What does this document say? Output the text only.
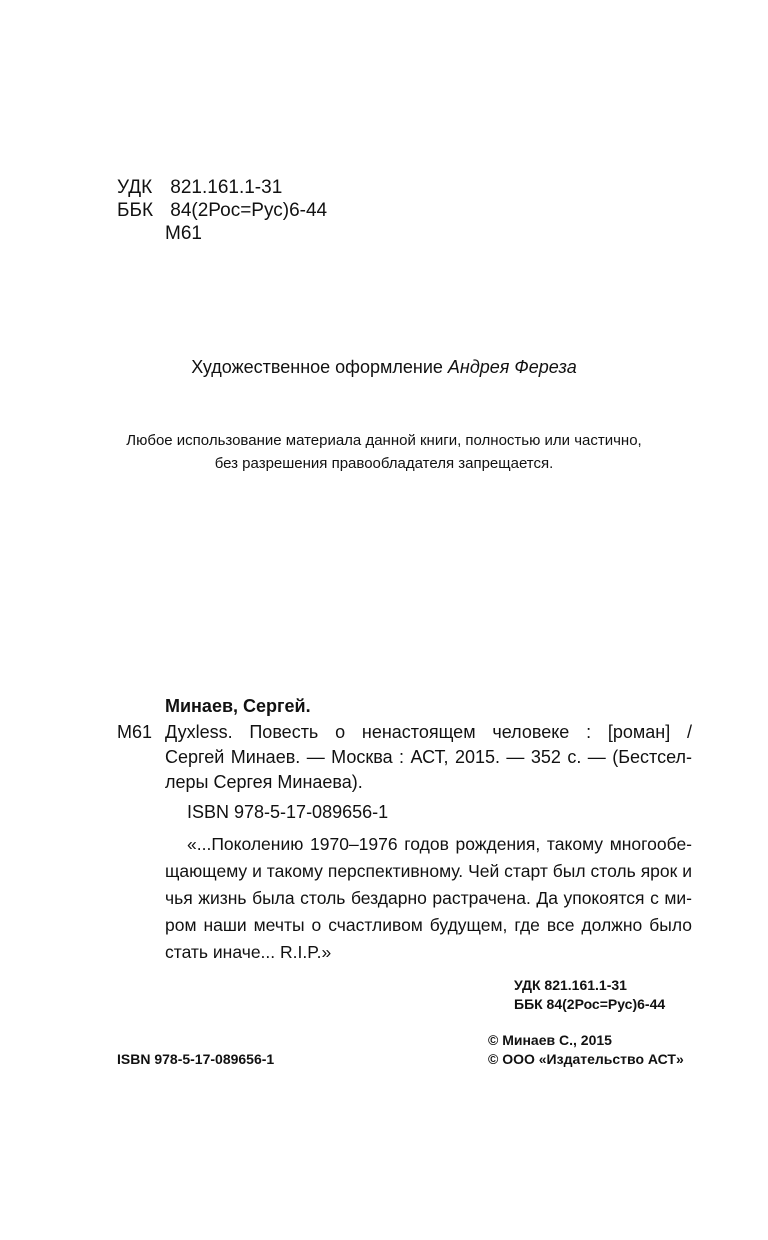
УДК 821.161.1-31
ББК 84(2Рос=Рус)6-44
М61
Художественное оформление Андрея Фереза
Любое использование материала данной книги, полностью или частично,
без разрешения правообладателя запрещается.
Минаев, Сергей.
М61 Духless. Повесть о ненастоящем человеке : [роман] /
Сергей Минаев. — Москва : АСТ, 2015. — 352 с. — (Бестсел-
леры Сергея Минаева).
ISBN 978-5-17-089656-1
«...Поколению 1970–1976 годов рождения, такому многообе-
щающему и такому перспективному. Чей старт был столь ярок и
чья жизнь была столь бездарно растрачена. Да упокоятся с ми-
ром наши мечты о счастливом будущем, где все должно было
стать иначе... R.I.P.»
УДК 821.161.1-31
ББК 84(2Рос=Рус)6-44
© Минаев С., 2015
© ООО «Издательство АСТ»
ISBN 978-5-17-089656-1
